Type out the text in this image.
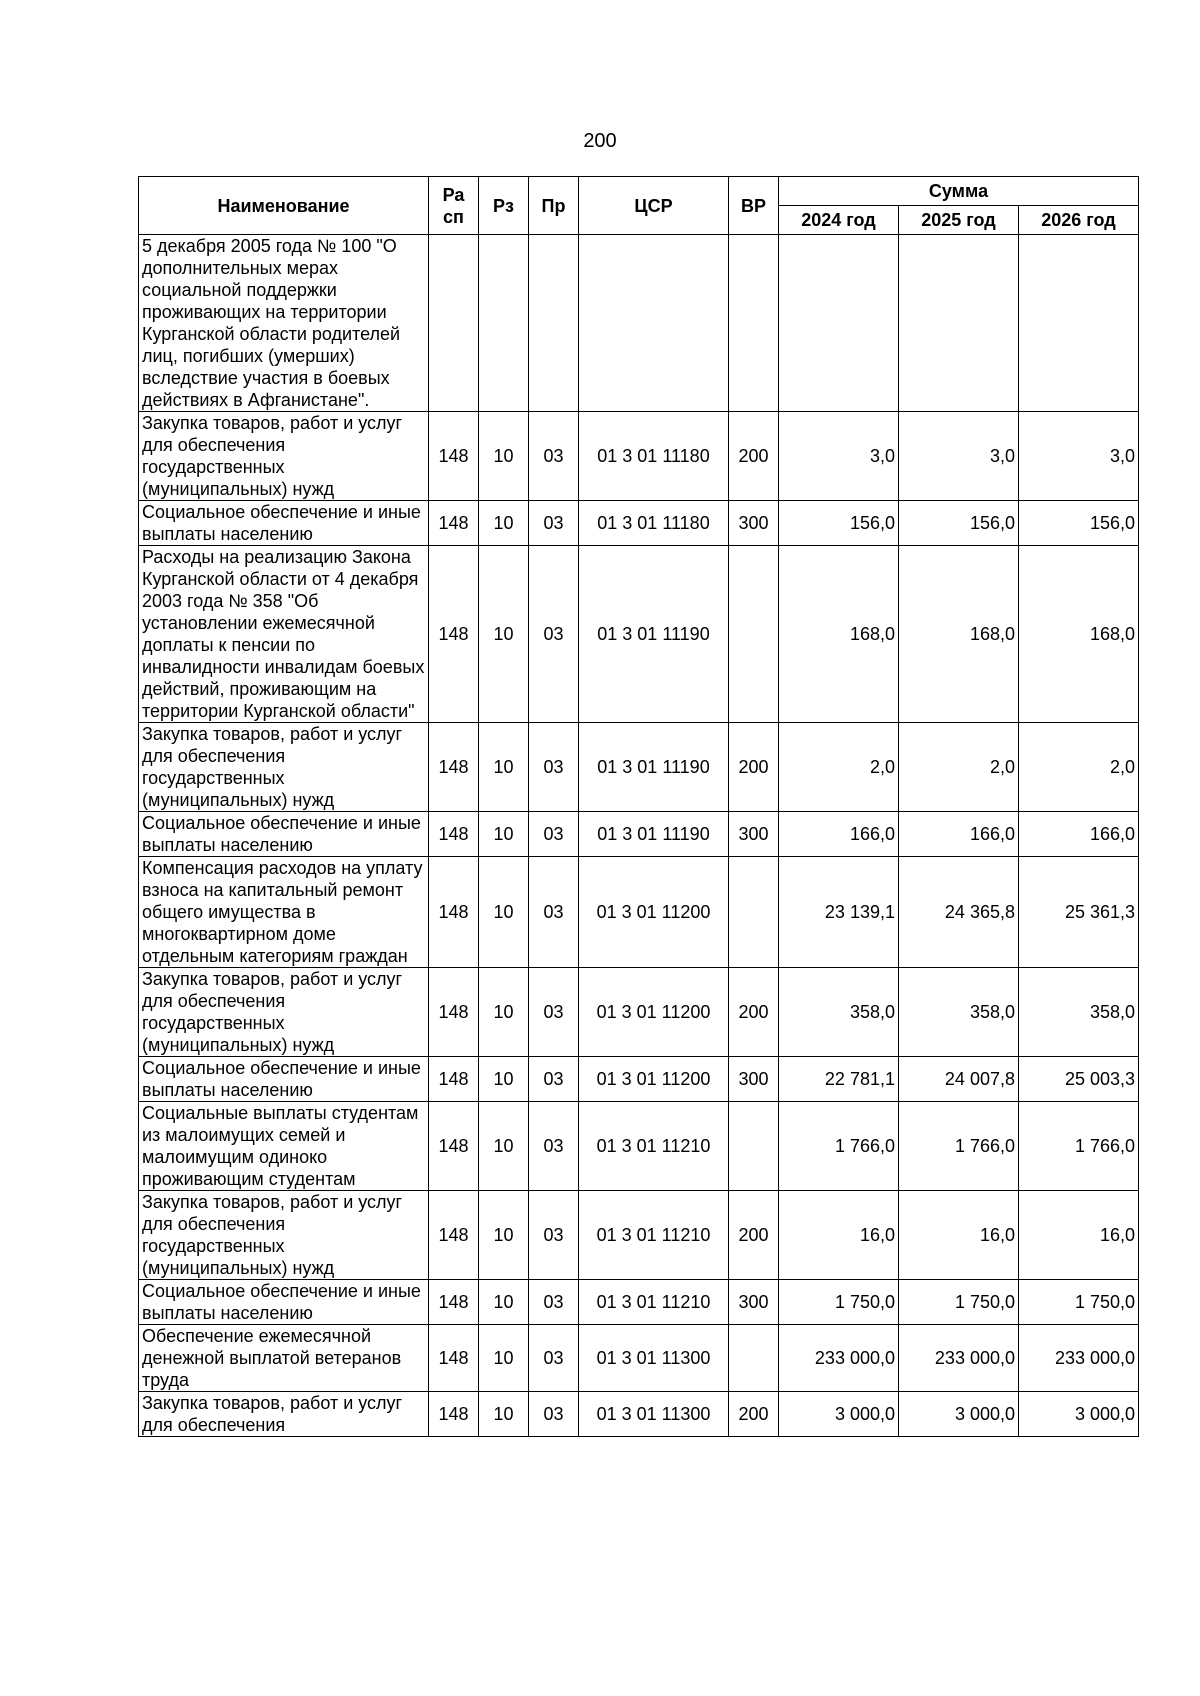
200
Наименование	Ра сп	Рз	Пр	ЦСР	ВР	Сумма		
						2024 год	2025 год	2026 год
5 декабря 2005 года № 100 "О дополнительных мерах социальной поддержки проживающих на территории Курганской области родителей лиц, погибших (умерших) вследствие участия в боевых действиях в Афганистане".								
Закупка товаров, работ и услуг для обеспечения государственных (муниципальных) нужд	148	10	03	01 3 01 11180	200	3,0	3,0	3,0
Социальное обеспечение и иные выплаты населению	148	10	03	01 3 01 11180	300	156,0	156,0	156,0
Расходы на реализацию Закона Курганской области от 4 декабря 2003 года № 358 "Об установлении ежемесячной доплаты к пенсии по инвалидности инвалидам боевых действий, проживающим на территории Курганской области"	148	10	03	01 3 01 11190		168,0	168,0	168,0
Закупка товаров, работ и услуг для обеспечения государственных (муниципальных) нужд	148	10	03	01 3 01 11190	200	2,0	2,0	2,0
Социальное обеспечение и иные выплаты населению	148	10	03	01 3 01 11190	300	166,0	166,0	166,0
Компенсация расходов на уплату взноса на капитальный ремонт общего имущества в многоквартирном доме отдельным категориям граждан	148	10	03	01 3 01 11200		23 139,1	24 365,8	25 361,3
Закупка товаров, работ и услуг для обеспечения государственных (муниципальных) нужд	148	10	03	01 3 01 11200	200	358,0	358,0	358,0
Социальное обеспечение и иные выплаты населению	148	10	03	01 3 01 11200	300	22 781,1	24 007,8	25 003,3
Социальные выплаты студентам из малоимущих семей и малоимущим одиноко проживающим студентам	148	10	03	01 3 01 11210		1 766,0	1 766,0	1 766,0
Закупка товаров, работ и услуг для обеспечения государственных (муниципальных) нужд	148	10	03	01 3 01 11210	200	16,0	16,0	16,0
Социальное обеспечение и иные выплаты населению	148	10	03	01 3 01 11210	300	1 750,0	1 750,0	1 750,0
Обеспечение ежемесячной денежной выплатой ветеранов труда	148	10	03	01 3 01 11300		233 000,0	233 000,0	233 000,0
Закупка товаров, работ и услуг для обеспечения	148	10	03	01 3 01 11300	200	3 000,0	3 000,0	3 000,0
